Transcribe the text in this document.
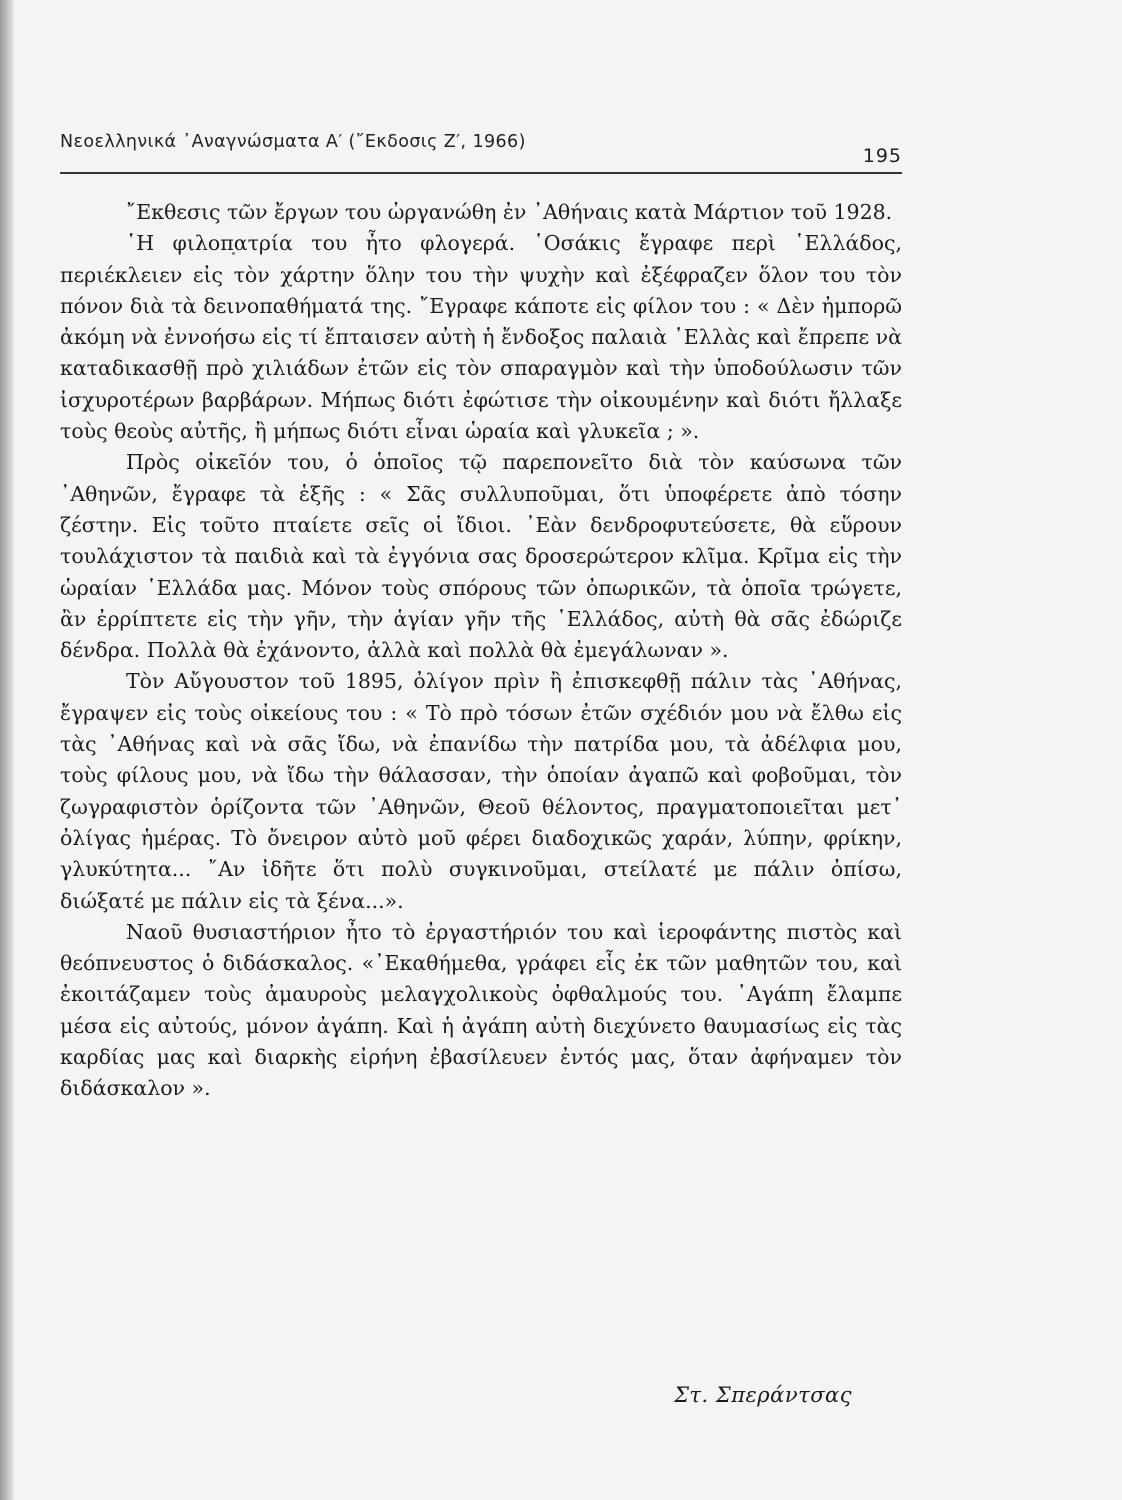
Νεοελληνικά ᾿Αναγνώσματα Α′ (῎Εκδοσις Ζ′, 1966)
195

῎Εκθεσις τῶν ἔργων του ὠργανώθη ἐν ᾿Αθήναις κατὰ Μάρτιον τοῦ 1928.

῾Η φιλοπατρία του ἦτο φλογερά. ῾Οσάκις ἔγραφε περὶ ῾Ελλάδος, περιέκλειεν εἰς τὸν χάρτην ὅλην του τὴν ψυχὴν καὶ ἐξέφραζεν ὅλον του τὸν πόνον διὰ τὰ δεινοπαθήματά της. ῎Εγραφε κάποτε εἰς φίλον του : « Δὲν ἠμπορῶ ἀκόμη νὰ ἐννοήσω εἰς τί ἔπταισεν αὐτὴ ἡ ἔνδοξος παλαιὰ ῾Ελλὰς καὶ ἔπρεπε νὰ καταδικασθῇ πρὸ χιλιάδων ἐτῶν εἰς τὸν σπαραγμὸν καὶ τὴν ὑποδούλωσιν τῶν ἰσχυροτέρων βαρβάρων. Μήπως διότι ἐφώτισε τὴν οἰκουμένην καὶ διότι ἤλλαξε τοὺς θεοὺς αὐτῆς, ἢ μήπως διότι εἶναι ὡραία καὶ γλυκεῖα ; ».

Πρὸς οἰκεῖόν του, ὁ ὁποῖος τῷ παρεπονεῖτο διὰ τὸν καύσωνα τῶν ᾿Αθηνῶν, ἔγραφε τὰ ἑξῆς : « Σᾶς συλλυποῦμαι, ὅτι ὑποφέρετε ἀπὸ τόσην ζέστην. Εἰς τοῦτο πταίετε σεῖς οἱ ἴδιοι. ᾿Εὰν δενδροφυτεύσετε, θὰ εὕρουν τουλάχιστον τὰ παιδιὰ καὶ τὰ ἐγγόνια σας δροσερώτερον κλῖμα. Κρῖμα εἰς τὴν ὡραίαν ῾Ελλάδα μας. Μόνον τοὺς σπόρους τῶν ὀπωρικῶν, τὰ ὁποῖα τρώγετε, ἂν ἐρρίπτετε εἰς τὴν γῆν, τὴν ἁγίαν γῆν τῆς ῾Ελλάδος, αὐτὴ θὰ σᾶς ἐδώριζε δένδρα. Πολλὰ θὰ ἐχάνοντο, ἀλλὰ καὶ πολλὰ θὰ ἐμεγάλωναν ».

Τὸν Αὔγουστον τοῦ 1895, ὀλίγον πρὶν ἢ ἐπισκεφθῇ πάλιν τὰς ᾿Αθήνας, ἔγραψεν εἰς τοὺς οἰκείους του : « Τὸ πρὸ τόσων ἐτῶν σχέδιόν μου νὰ ἔλθω εἰς τὰς ᾿Αθήνας καὶ νὰ σᾶς ἴδω, νὰ ἐπανίδω τὴν πατρίδα μου, τὰ ἀδέλφια μου, τοὺς φίλους μου, νὰ ἴδω τὴν θάλασσαν, τὴν ὁποίαν ἀγαπῶ καὶ φοβοῦμαι, τὸν ζωγραφιστὸν ὁρίζοντα τῶν ᾿Αθηνῶν, Θεοῦ θέλοντος, πραγματοποιεῖται μετ᾿ ὀλίγας ἡμέρας. Τὸ ὄνειρον αὐτὸ μοῦ φέρει διαδοχικῶς χαράν, λύπην, φρίκην, γλυκύτητα... ῎Αν ἰδῆτε ὅτι πολὺ συγκινοῦμαι, στείλατέ με πάλιν ὀπίσω, διώξατέ με πάλιν εἰς τὰ ξένα...».

Ναοῦ θυσιαστήριον ἦτο τὸ ἐργαστήριόν του καὶ ἱεροφάντης πιστὸς καὶ θεόπνευστος ὁ διδάσκαλος. «᾿Εκαθήμεθα, γράφει εἷς ἐκ τῶν μαθητῶν του, καὶ ἐκοιτάζαμεν τοὺς ἀμαυροὺς μελαγχολικοὺς ὀφθαλμούς του. ᾿Αγάπη ἔλαμπε μέσα εἰς αὐτούς, μόνον ἀγάπη. Καὶ ἡ ἀγάπη αὐτὴ διεχύνετο θαυμασίως εἰς τὰς καρδίας μας καὶ διαρκὴς εἰρήνη ἐβασίλευεν ἐντός μας, ὅταν ἀφήναμεν τὸν διδάσκαλον ».

Στ. Σπεράντσας
